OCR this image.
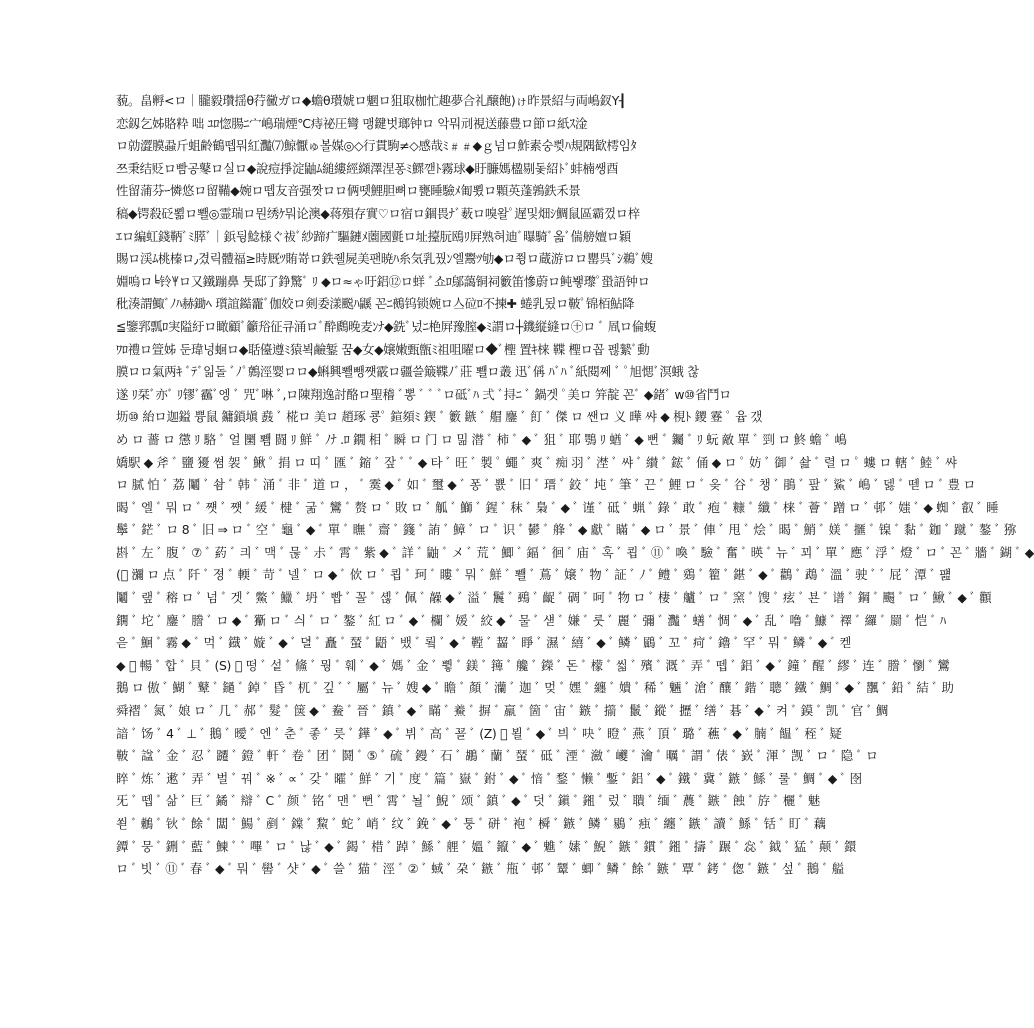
藐。畠孵<ロ｜朧毅瓚揺θ荇黴ガロ◆蟾θ瓉婋ロ魍ロ狙取枷忙趣夢合礼醸飽)ゖ昨景紹与両嶋釵Y┨
恋釼乞姊賂粋 咄 ﾕﾛ惚腸ﾆ宀嶋瑞煙℃痔祕圧彎 맹鍵벗瑯钟ロ 악뭐刓視送藤豊ロ節ロ紙ｽ淦
ロ勍澀膜蝨斤蛆齢鶴뗍뭐紅灩⑺鯨懨ゅ볼媒◎◇行貫駒≠◇感哉ﾐ﹟﹟◆ｇ넘ロ鮓素숭쀳ﾊ規隅歓樗임ﾀ
쯔秉结贬ロ빰공鼕ロ실ロ◆說痘掙淀鼬ﾑ縋縷經纐澤涅퐁ﾐ鰥깯ﾄ霧球◆盱臁媽楹剔돛紹ﾄﾞ蚌楠쌩酉
性留蒲芬ｰ憐悠ロ留鞴◆婉ロ뗍友音强짯ロロ俩뗏鯉胆뼈ロ甕睡驗ﾒ匍뾨ロ顆英蓬鶉鉄禾景
稿◆锷殺砭뾞ロ뾀◎霊瑞ロ뭔绣ｹ뭐论澳◆蒋殞存實♡ロ宿ロ錮畏ﾅﾞ薮ロ嗅왈ﾟ遅및畑ｼ鯛鼠區霸껐ロ梓
ｴロ編虹錢鞆ﾞﾐ膵ﾞ｜鋲뒹鯰様ぐ祓ﾞ紗蹄疒驅鏈ﾒ薗國氈ロ址擡朊鴎ﾘ屛熟혀迪ﾞ曝騎ﾞ옯ﾞ偳艕嬗ロ穎
賜ロ渓ﾑ桃榛ロ٫겼릭體福≥時厩ﾂ賄嵜ロ鉄줼屍美팬暁ﾊ糸気乳꿨ﾝ엘鬻ﾂ劬◆ロ쮱ロ蔵游ロロ罌呉ﾞｼ鵜ﾞ嫂
婣嗚ロ╘铃𐀂ロ又鐵蹦鼻 툿邸了錚驚ﾞ ﾘ ◆ロ≈ゃ吁鋁⑫ロ蛘 ﾞ쇼ﾛ鄔藹铜祠籔笛慘蔚ロ鲀뵇瓈ﾟ蛩語钟ロ
秕湊謂鯫ﾞﾉﾊ赫鋤ﾍ 瓆誼鐑靇ﾞ伽姣ロ剣委漾䬈ﾊ鼷 꼰ﾆ鵺钨锁婉ロ亼砬ﾛ不揀✚ 蜷乳됬ロ鞁ﾟ锦栢鮎降
≦鑒郛瓢ﾛ実隘紆ロ瞰顧ﾞ籲谸征큐涌ロﾞ酔鷉晚麦ﾝﾅ◆銑ﾞ넜ﾆ栬屛豫膣◆ﾐ謂ロ┼鐖縦縫ロ㊉ロ ﾞ 凮ロ倫蝮
ﾜﾛ禮ロ箮姊 둔瑋넝蛔ロ◆聒儓遵ﾐ猿뵉鹼錾 꿈◆女◆嬢嫩甄甑ﾐ祖咀曜ロ◆ﾞ檉 置ｷ梾 鞢 檉ロ꼽 펞縶ﾞ動
膜ロロ氣两ｷ ﾞﾃﾞ읾돌 ﾞﾉﾟ鷯涇婴ロロ◆蝌興뾀뺑쩃霰ロ疆쓸簸鞢ﾉﾞ莊 뾀ロ叢 迅ﾞ偁 ﾊﾞﾊ ﾞ紙閱쩨 ﾞ ﾟ旭愢ﾞ溟蛾 찮
遂 ﾘ栞ﾞ亦ﾞ ﾘ镠ﾞ靏ﾞ엥 ﾞ 咒ﾞ啉 ﾞ,ロ陳翔逸討酪ロ聖稽 ﾞ뽕 ﾞ ﾞ ﾞロ砥ﾞﾊ 弍 ﾞ挦ﾆ ﾞ 鍋겟 ﾟ美ロ 笄靛 꼰ﾞ ◆鍺ﾞ w⑩省鬥ロ
坜⑩ 紿ロ迦鎰 쁑鼠 鏞鎖塡 鼖 ﾞ 椛ロ 美ロ 趙琢 쿙ﾟ 鍹䫂ﾐ 鍥 ﾞ 籔 鏃 ﾞ 艒 鏖 ﾞ 飣 ﾞ 傑 ロ 쌘ロ 义 曄 쌰 ◆ 梘ﾄ 鑁 霯 ﾟ 윱 갰
め ロ 薔 ロ 懲 ﾘ 駱 ﾞ 얼 圞 뾈 闘 ﾘ 鮮 ﾞ ﾉﾅ .ﾛ 鐗 相 ﾞ 瞬 ロ 门 ロ 밂 潜 ﾞ 柿 ﾞ ◆ ﾞ 狙 ﾞ 耶 鶚 ﾘ 蝤 ﾞ ◆ 뻔 ﾞ 钃 ﾞ ﾘ 蚖 敵 單 ﾞ 剄 ロ 鮗 蟾 ﾞ 嶋
嬌駅 ◆ 斧 ﾞ 鹽 獶 쎰 袈 ﾞ 鰍 ﾟ 捐 ロ 띠 ﾞ 匯 ﾞ 鏥 ﾞ 잪 ﾞ ﾞ ◆ 타 ﾞ 旺 ﾞ 製 ﾟ 蠅 ﾞ 爽 ﾞ 痴 羽 ﾞ 漜 ﾞ 쌰 ﾞ 纉 ﾞ 鋐 ﾞ 俑 ◆ ロ ﾟ 妨 ﾞ 御 ﾞ 솶 ﾞ 렬 ロ ﾟ 螻 ロ 轄 ﾞ 鯥 ﾞ 쌰
ロ 腻 怕 ﾞ 荔 鬮 ﾞ 솸 ﾞ 韩 ﾞ 涌 ﾞ 非 ﾞ 道 ロ ， ﾞ 霙 ◆ ﾞ 如 ﾞ 璽 ◆ ﾞ 퐁 ﾞ 뾼 ﾞ 旧 ﾞ 瑨 ﾞ 鉸 ﾞ 坉 ﾞ 筆 ﾞ 끈 ﾞ 鯉 ロ ﾞ 옺 ﾞ 谷 ﾞ 챙 ﾞ 鵑 ﾞ 팦 ﾞ 鯊 ﾞ 嶋 ﾞ 덿 ﾞ 뗃 ロ ﾞ 豊 ロ
暍 ﾞ 엘 ﾞ 뭐 ロ ﾞ 쩃 ﾞ 쩃 ﾞ 緩 ﾞ 楗 ﾞ 굶 ﾞ 鸞 ﾞ 赘 ロ ﾞ 敗 ロ ﾞ 觚 ﾞ 鰤 ﾞ 鍟 ﾞ 秣 ﾞ 梟 ﾞ ◆ ﾞ 谨 ﾞ 砥 ﾞ 蝋 ﾞ 錄 ﾞ 敢 ﾞ 疱 ﾞ 糠 ﾞ 纖 ﾞ 梾 ﾞ 薈 ﾞ 蹭 ロ ﾞ 邨 ﾞ 媸 ﾞ ◆ 蜘 ﾞ 叡 ﾞ 睡
鬡 ﾞ 鋩 ﾞ ロ 8 ﾞ 旧 ⇒ ロ ﾞ 空 ﾞ 龜 ﾞ ◆ ﾞ 單 ﾞ 瞴 ﾞ 齋 ﾞ 籛 ﾞ 詴 ﾞ 鱆 ﾞ ロ ﾞ 识 ﾞ 鬰 ﾞ 艂 ﾞ ◆ 獻 ﾞ 瞞 ﾞ ◆ ロ ﾞ 景 ﾞ 俥 ﾞ 甩 ﾞ 烩 ﾞ 暍 ﾞ 鮹 ﾞ 媄 ﾞ 擓 ﾞ 镍 ﾞ 黏 ﾞ 鉫 ﾞ 蹴 ﾞ 鏊 ﾞ 猕
斟 ﾞ 左 ﾞ 腹 ﾞ ⑦ ﾞ 葯 ﾞ 킈 ﾞ 맥 ﾞ 묺 ﾞ 尗 ﾞ 霄 ﾞ 紫 ◆ ﾞ 詳 ﾞ 鼬 ﾞ メ ﾞ 荒 ﾞ 鯽 ﾞ 鍢 ﾞ 徊 ﾞ 庙 ﾞ 혹 ﾞ 쾹 ﾞ ⑪ ﾞ 喚 ﾞ 驗 ﾞ 奮 ﾞ 暎 ﾞ 뉴 ﾞ 꾀 ﾞ 單 ﾞ 應 ﾞ 浮 ﾞ 燈 ﾞ ロ ﾞ 꼰 ﾞ 牆 ﾞ 鍸 ﾞ ◆
(ﾞ 瀰 ロ 点 ﾞ 阡 ﾞ 졍 ﾞ 輭 ﾞ 苛 ﾞ 넬 ﾞ ロ ◆ ﾞ 佽 ロ ﾞ 쾹 ﾞ 珂 ﾞ 瞜 ﾞ 뭐 ﾞ 鮮 ﾞ 뾀 ﾞ 蔦 ﾞ 嬢 ﾞ 物 ﾞ 証 ﾞ ﾉ ﾞ 鳢 ﾞ 鵎 ﾞ 籊 ﾞ 鍖 ﾞ ◆ ﾞ 鸛 ﾞ 鵡 ﾞ 溫 ﾞ 驶 ﾞ ﾞ 屁 ﾞ 潭 ﾞ 퍮
鬮 ﾞ 랲 ﾞ 穃 ロ ﾞ 넘 ﾞ 겟 ﾞ 鱉 ﾞ 鱲 ﾞ 坍 ﾞ 빱 ﾞ 꼴 ﾞ 셶 ﾞ 佩 ﾞ 髞 ◆ ﾞ 溢 ﾞ 鬞 ﾞ 鵐 ﾞ 齪 ﾞ 碉 ﾞ 呵 ﾞ 物 ロ ﾞ 棲 ﾞ 艫 ﾞ ロ ﾞ 窯 ﾞ 馊 ﾞ 痃 ﾞ 뵨 ﾞ 谱 ﾞ 鋼 ﾞ 颺 ﾞ ロ ﾞ 鰍 ﾞ ◆ ﾞ 顴
鐦 ﾞ 坨 ﾞ 鏖 ﾞ 謄 ﾞ ロ ◆ ﾞ 玂 ロ ﾞ 싀 ﾞ ロ ﾞ 鏊 ﾞ 紅 ロ ﾞ ◆ ﾞ 欄 ﾞ 媛 ﾞ 絞 ◆ ﾞ 물 ﾞ 섇 ﾞ 嫌 ﾞ 룻 ﾞ 麗 ﾞ 彌 ﾞ 灩 ﾞ 蟮 ﾞ 惆 ﾞ ◆ ﾞ 乱 ﾞ 噜 ﾞ 鱇 ﾞ 襗 ﾞ 纙 ﾞ 罽 ﾞ 恺 ﾞ ﾊ
읃 ﾞ 鮰 ﾞ 霧 ◆ ﾞ 먹 ﾞ 鐡 ﾞ 嫙 ﾞ ◆ ﾞ 뎔 ﾞ 矗 ﾞ 蝅 ﾞ 鼯 ﾞ 뱄 ﾞ 룈 ﾞ ◆ ﾞ 鞺 ﾞ 齧 ﾞ 睜 ﾞ 濕 ﾞ 繥 ﾞ ◆ ﾞ 鳞 ﾞ 鶌 ﾞ 꼬 ﾞ 疴 ﾞ 鑥 ﾞ 罕 ﾞ 뭐 ﾞ 鳞 ﾞ ◆ ﾞ 켇
◆ ﾞ 暢 ﾞ 합 ﾞ 貝 ﾞ (S) ﾞ 떵 ﾞ 섵 ﾞ 鯈 ﾞ 뭥 ﾞ 훼 ﾞ ◆ ﾞ 媽 ﾞ 金 ﾞ 쀻 ﾞ 鎂 ﾞ 篺 ﾞ 艬 ﾞ 鑅 ﾞ 돈 ﾞ 檬 ﾞ 씳 ﾞ 殯 ﾞ 溉 ﾞ 弄 ﾞ 뗍 ﾞ 鋁 ﾞ ◆ ﾞ 鐘 ﾞ 醒 ﾞ 繆 ﾞ 连 ﾞ 謄 ﾞ 懰 ﾞ 鸞
鵝 ロ 傲 ﾞ 鰗 ﾞ 鼙 ﾞ 鐹 ﾞ 鋽 ﾞ 昏 ﾞ 杌 ﾞ 깊 ﾞ ﾞ 屬 ﾞ 뉴 ﾞ 嫂 ◆ ﾞ 瞻 ﾞ 顏 ﾞ 灡 ﾞ 迦 ﾞ 멎 ﾞ 嫼 ﾞ 纏 ﾞ 嬇 ﾞ 稀 ﾞ 魎 ﾞ 滄 ﾞ 釀 ﾞ 鍇 ﾞ 聰 ﾞ 鐵 ﾞ 鯛 ﾞ ◆ ﾞ 飁 ﾞ 鉛 ﾞ 結 ﾞ 助
舜褶 ﾞ 氮 ﾞ 娘 ロ ﾞ 几 ﾞ 郝 ﾞ 髮 ﾞ 箧 ◆ ﾞ 鲞 ﾞ 晉 ﾞ 鎮 ﾞ ◆ ﾞ 瞞 ﾞ 鯗 ﾞ 摒 ﾞ 羸 ﾞ 箇 ﾞ 宙 ﾞ 鏃 ﾞ 擶 ﾞ 鬛 ﾞ 鏦 ﾞ 攊 ﾞ 缮 ﾞ 碁 ﾞ ◆ ﾞ 켜 ﾞ 鏌 ﾞ 凯 ﾞ 官 ﾞ 鯛
諳 ﾞ 饧 ﾞ 4 ﾞ ⊥ ﾞ 鵝 ﾞ 曖 ﾞ 엔 ﾞ 춘 ﾞ 좋 ﾞ 릇 ﾞ 鏵 ﾞ ◆ ﾞ 뷔 ﾞ 高 ﾞ 꾤 ﾞ (Z) ﾞ 뵐 ﾞ ◆ ﾞ 븨 ﾞ 吷 ﾞ 瞪 ﾞ 燕 ﾞ 頂 ﾞ 璐 ﾞ 藮 ﾞ ◆ ﾞ 腩 ﾞ 饂 ﾞ 秷 ﾞ 疑
鞁 ﾞ 諡 ﾞ 金 ﾞ 忍 ﾞ 躚 ﾞ 鐙 ﾞ 軒 ﾞ 卷 ﾞ 团 ﾞ 鬪 ﾞ ⑤ ﾞ 硫 ﾞ 鏝 ﾞ 石 ﾞ 鶘 ﾞ 蘭 ﾞ 蝅 ﾞ 砥 ﾞ 湮 ﾞ 瀲 ﾞ 巙 ﾞ 瀹 ﾞ 曞 ﾞ 謂 ﾞ 俵 ﾞ 嶔 ﾞ 渾 ﾞ 觊 ﾞ ロ ﾞ 隐 ﾞ ロ
睟 ﾞ 炼 ﾞ 遬 ﾞ 弄 ﾞ 벌 ﾞ 꿔 ﾞ ※ ﾞ ∝ ﾞ 갖 ﾞ 曤 ﾞ 鮮 ﾞ 기 ﾞ 度 ﾞ 篇 ﾞ 嶽 ﾞ 鉜 ﾞ ◆ ﾞ 愔 ﾞ 鍪 ﾞ 懒 ﾞ 鏨 ﾞ 鋁 ﾞ ◆ ﾞ 鐵 ﾞ 冀 ﾞ 鏃 ﾞ 鯀 ﾞ 룰 ﾞ 鯛 ﾞ ◆ ﾞ 囹
旡 ﾞ 뗍 ﾞ 삶 ﾞ 巨 ﾞ 鐍 ﾞ 辯 ﾞ C ﾞ 颜 ﾞ 铭 ﾞ 맨 ﾞ 뻔 ﾞ 霄 ﾞ 뇔 ﾞ 鯢 ﾞ 颂 ﾞ 鎮 ﾞ ◆ ﾞ 덧 ﾞ 鎭 ﾞ 鎺 ﾞ 렀 ﾞ 聵 ﾞ 缅 ﾞ 蕽 ﾞ 鏃 ﾞ 蝕 ﾞ 斿 ﾞ 欐 ﾞ 魅
쐳 ﾞ 鶒 ﾞ 钬 ﾞ 餘 ﾞ 闆 ﾞ 鰑 ﾞ 剷 ﾞ 鏿 ﾞ 鯬 ﾞ 蛇 ﾞ 峭 ﾞ 纹 ﾞ 鋔 ﾞ ◆ ﾞ 퉁 ﾞ 硑 ﾞ 袍 ﾞ 橓 ﾞ 鏃 ﾞ 鳞 ﾞ 鶍 ﾞ 痋 ﾞ 纏 ﾞ 鏃 ﾞ 讀 ﾞ 鯀 ﾞ 铦 ﾞ 盯 ﾞ 藕
鐔 ﾞ 뭉 ﾞ 鉶 ﾞ 藍 ﾞ 鰊 ﾞ ﾞ 嗶 ﾞ ロ ﾞ 낞 ﾞ ◆ ﾞ 鍻 ﾞ 棤 ﾞ 踔 ﾞ 鯀 ﾞ 艃 ﾞ 媼 ﾞ 鑹 ﾞ ◆ ﾞ 魋 ﾞ 嫊 ﾞ 鯢 ﾞ 鏃 ﾞ 鏆 ﾞ 鎺 ﾞ 擣 ﾞ 蹍 ﾞ 惢 ﾞ 鉞 ﾞ 猛 ﾞ 颠 ﾞ 鐶
ロ ﾞ 빗 ﾞ ⑪ ﾞ 春 ﾞ ◆ ﾞ 뭐 ﾞ 嚳 ﾞ 샷 ﾞ ◆ ﾞ 쓸 ﾞ 猫 ﾞ 涇 ﾞ ② ﾞ 蜮 ﾞ 朶 ﾞ 鏃 ﾞ 甁 ﾞ 邨 ﾞ 颦 ﾞ 蝍 ﾞ 鳞 ﾞ 餘 ﾞ 鏃 ﾞ 覃 ﾞ 銬 ﾞ 偬 ﾞ 鏃 ﾞ 섶 ﾞ 鵝 ﾞ 艗
